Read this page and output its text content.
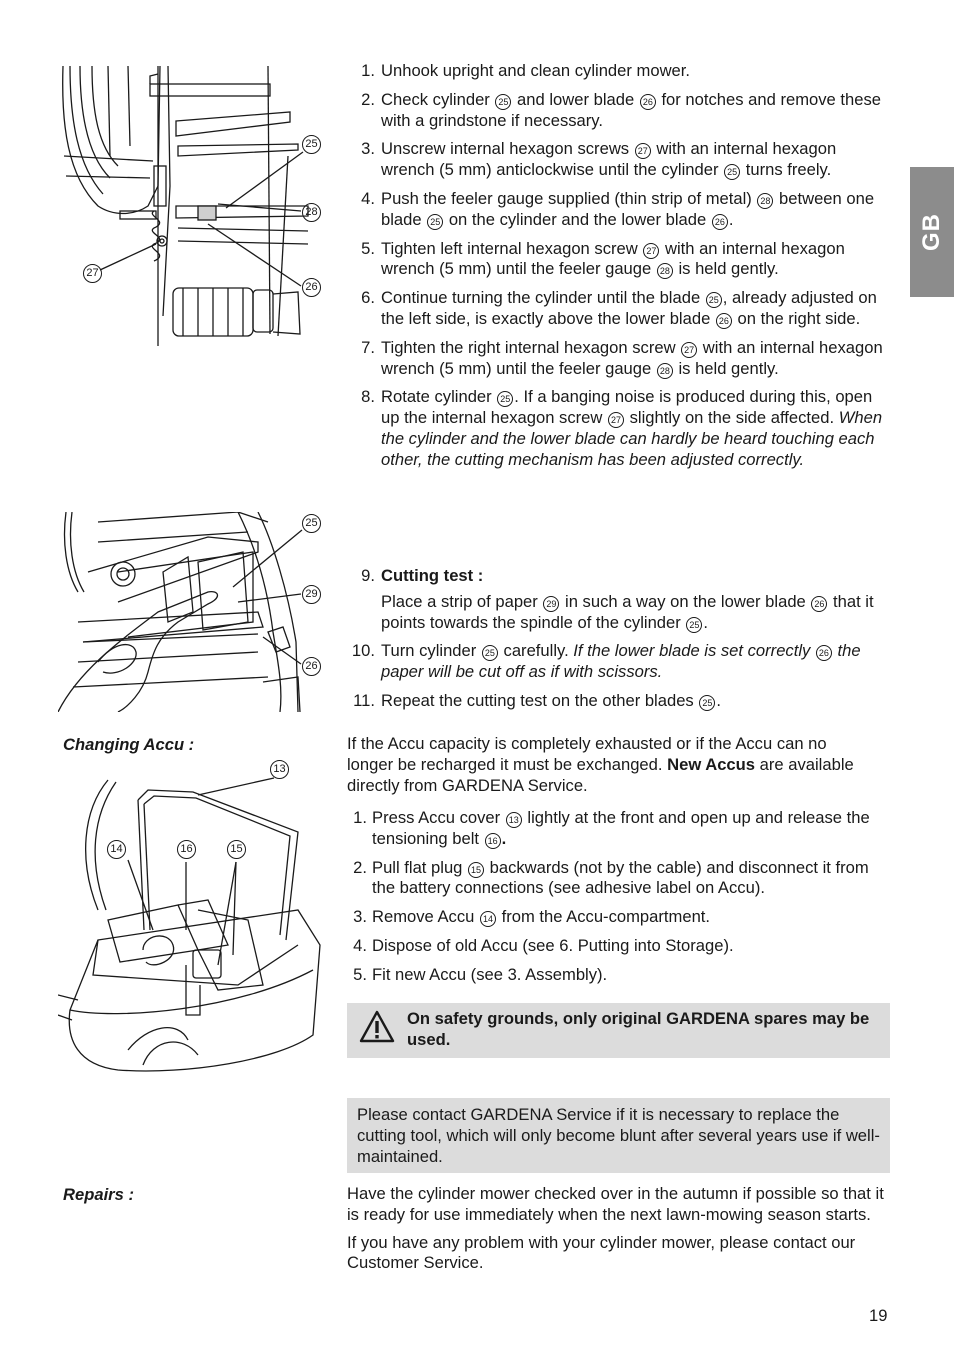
GB
25
28
27
26
25
29
26
13
14	16	15
1. Unhook upright and clean cylinder mower.
2. Check cylinder 25 and lower blade 26 for notches and remove these with a grindstone if necessary.
3. Unscrew internal hexagon screws 27 with an internal hexagon wrench (5 mm) anticlockwise until the cylinder 25 turns freely.
4. Push the feeler gauge supplied (thin strip of metal) 28 between one blade 25 on the cylinder and the lower blade 26 .
5. Tighten left internal hexagon screw 27 with an internal hexagon wrench (5 mm) until the feeler gauge 28 is held gently.
6. Continue turning the cylinder until the blade 25 , already adjusted on the left side, is exactly above the lower blade 26 on the right side.
7. Tighten the right internal hexagon screw 27 with an internal hexagon wrench (5 mm) until the feeler gauge 28 is held gently.
8. Rotate cylinder 25 . If a banging noise is produced during this, open up the internal hexagon screw 27 slightly on the side affected. When the cylinder and the lower blade can hardly be heard touching each other, the cutting mechanism has been adjusted correctly.
9. Cutting test :
Place a strip of paper 29 in such a way on the lower blade 26 that it points towards the spindle of the cylinder 25 .
10. Turn cylinder 25 carefully. If the lower blade is set correctly 26 the paper will be cut off as if with scissors.
11. Repeat the cutting test on the other blades 25 .
Changing Accu :	If the Accu capacity is completely exhausted or if the Accu can no longer be recharged it must be exchanged. New Accus are available directly from GARDENA Service.
1. Press Accu cover 13 lightly at the front and open up and release the tensioning belt 16 .
2. Pull flat plug 15 backwards (not by the cable) and disconnect it from the battery connections (see adhesive label on Accu).
3. Remove Accu 14 from the Accu-compartment.
4. Dispose of old Accu (see 6. Putting into Storage).
5. Fit new Accu (see 3. Assembly).
On safety grounds, only original GARDENA spares may be used.
Please contact GARDENA Service if it is necessary to replace the cutting tool, which will only become blunt after several years use if well-maintained.
Repairs :	Have the cylinder mower checked over in the autumn if possible so that it is ready for use immediately when the next lawn-mowing season starts.
If you have any problem with your cylinder mower, please contact our Customer Service.
19
